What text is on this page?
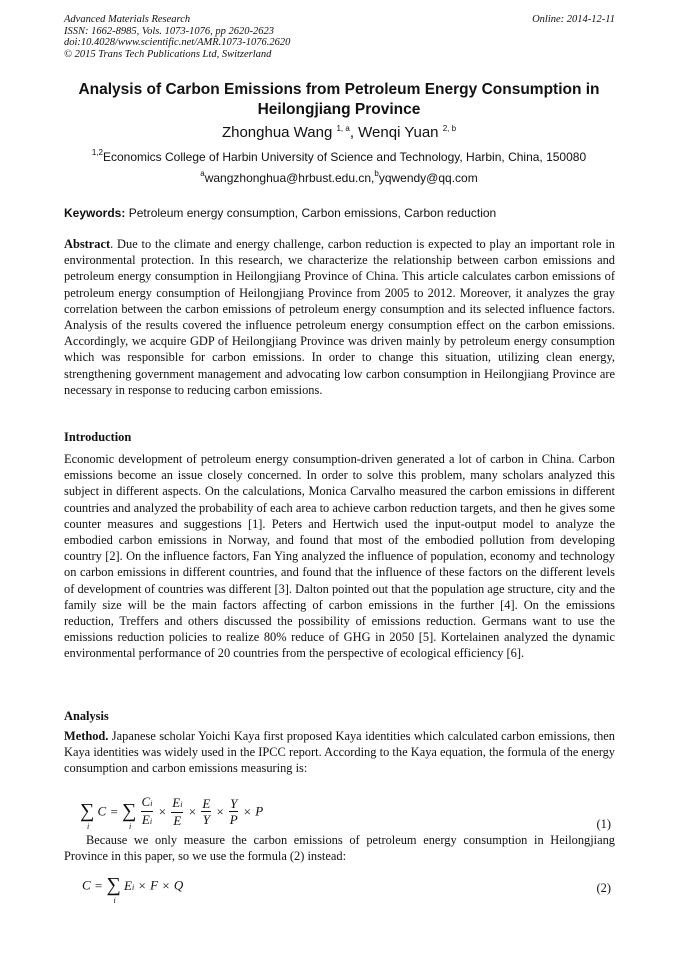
Advanced Materials Research
ISSN: 1662-8985, Vols. 1073-1076, pp 2620-2623
doi:10.4028/www.scientific.net/AMR.1073-1076.2620
© 2015 Trans Tech Publications Ltd, Switzerland
Online: 2014-12-11
Analysis of Carbon Emissions from Petroleum Energy Consumption in Heilongjiang Province
Zhonghua Wang $^{1, a}$, Wenqi Yuan $^{2, b}$
$^{1,2}$Economics College of Harbin University of Science and Technology, Harbin, China, 150080
$^a$wangzhonghua@hrbust.edu.cn,$^b$yqwendy@qq.com
Keywords: Petroleum energy consumption, Carbon emissions, Carbon reduction
Abstract. Due to the climate and energy challenge, carbon reduction is expected to play an important role in environmental protection. In this research, we characterize the relationship between carbon emissions and petroleum energy consumption in Heilongjiang Province of China. This article calculates carbon emissions of petroleum energy consumption of Heilongjiang Province from 2005 to 2012. Moreover, it analyzes the gray correlation between the carbon emissions of petroleum energy consumption and its selected influence factors. Analysis of the results covered the influence petroleum energy consumption effect on the carbon emissions. Accordingly, we acquire GDP of Heilongjiang Province was driven mainly by petroleum energy consumption which was responsible for carbon emissions. In order to change this situation, utilizing clean energy, strengthening government management and advocating low carbon consumption in Heilongjiang Province are necessary in response to reducing carbon emissions.
Introduction
Economic development of petroleum energy consumption-driven generated a lot of carbon in China. Carbon emissions become an issue closely concerned. In order to solve this problem, many scholars analyzed this subject in different aspects. On the calculations, Monica Carvalho measured the carbon emissions in different countries and analyzed the probability of each area to achieve carbon reduction targets, and then he gives some counter measures and suggestions [1]. Peters and Hertwich used the input-output model to analyze the embodied carbon emissions in Norway, and found that most of the embodied pollution from developing country [2]. On the influence factors, Fan Ying analyzed the influence of population, economy and technology on carbon emissions in different countries, and found that the influence of these factors on the different levels of development of countries was different [3]. Dalton pointed out that the population age structure, city and the family size will be the main factors affecting of carbon emissions in the further [4]. On the emissions reduction, Treffers and others discussed the possibility of emissions reduction. Germans want to use the emissions reduction policies to realize 80% reduce of GHG in 2050 [5]. Kortelainen analyzed the dynamic environmental performance of 20 countries from the perspective of ecological efficiency [6].
Analysis
Method. Japanese scholar Yoichi Kaya first proposed Kaya identities which calculated carbon emissions, then Kaya identities was widely used in the IPCC report. According to the Kaya equation, the formula of the energy consumption and carbon emissions measuring is:
∑
i
C = ∑
i
$\frac{Ci}{Ei} \times \frac{Ei}{E} \times \frac{E}{Y} \times \frac{Y}{P} \times P$
(1)
Because we only measure the carbon emissions of petroleum energy consumption in Heilongjiang Province in this paper, so we use the formula (2) instead:
C = ∑
i
Ei × F × Q	(2)
